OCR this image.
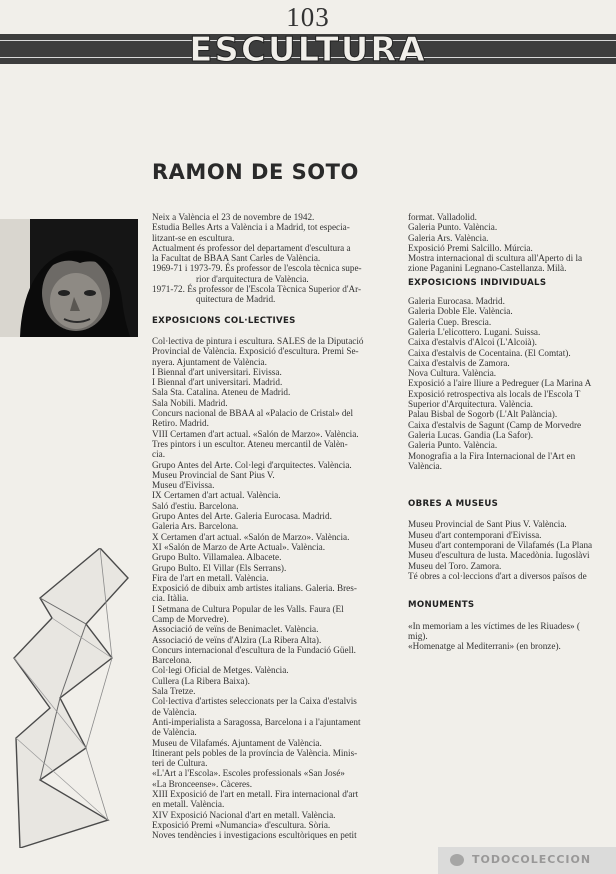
103
ESCULTURA
RAMON DE SOTO
Neix a València el 23 de novembre de 1942.
Estudia Belles Arts a València i a Madrid, tot especia-
litzant-se en escultura.
Actualment és professor del departament d'escultura a
la Facultat de BBAA Sant Carles de València.
1969-71 i 1973-79. És professor de l'escola tècnica supe-
rior d'arquitectura de València.
1971-72. És professor de l'Escola Tècnica Superior d'Ar-
quitectura de Madrid.
EXPOSICIONS COL·LECTIVES
Col·lectiva de pintura i escultura. SALES de la Diputació
Provincial de València. Exposició d'escultura. Premi Se-
nyera. Ajuntament de València.
I Biennal d'art universitari. Eivissa.
I Biennal d'art universitari. Madrid.
Sala Sta. Catalina. Ateneu de Madrid.
Sala Nobili. Madrid.
Concurs nacional de BBAA al «Palacio de Cristal» del
Retiro. Madrid.
VIII Certamen d'art actual. «Salón de Marzo». València.
Tres pintors i un escultor. Ateneu mercantil de Valèn-
cia.
Grupo Antes del Arte. Col·legi d'arquitectes. València.
Museu Provincial de Sant Pius V.
Museu d'Eivissa.
IX Certamen d'art actual. València.
Saló d'estiu. Barcelona.
Grupo Antes del Arte. Galeria Eurocasa. Madrid.
Galeria Ars. Barcelona.
X Certamen d'art actual. «Salón de Marzo». València.
XI «Salón de Marzo de Arte Actual». València.
Grupo Bulto. Villamalea. Albacete.
Grupo Bulto. El Villar (Els Serrans).
Fira de l'art en metall. València.
Exposició de dibuix amb artistes italians. Galeria. Bres-
cia. Itàlia.
I Setmana de Cultura Popular de les Valls. Faura (El
Camp de Morvedre).
Associació de veïns de Benimaclet. València.
Associació de veïns d'Alzira (La Ribera Alta).
Concurs internacional d'escultura de la Fundació Güell.
Barcelona.
Col·legi Oficial de Metges. València.
Cullera (La Ribera Baixa).
Sala Tretze.
Col·lectiva d'artistes seleccionats per la Caixa d'estalvis
de València.
Anti-imperialista a Saragossa, Barcelona i a l'ajuntament
de València.
Museu de Vilafamés. Ajuntament de València.
Itinerant pels pobles de la província de València. Minis-
teri de Cultura.
«L'Art a l'Escola». Escoles professionals «San José»
«La Bronceense». Càceres.
XIII Exposició de l'art en metall. Fira internacional d'art
en metall. València.
XIV Exposició Nacional d'art en metall. València.
Exposició Premi «Numancia» d'escultura. Sòria.
Noves tendències i investigacions escultòriques en petit
format. Valladolid.
Galeria Punto. València.
Galeria Ars. València.
Exposició Premi Salcillo. Múrcia.
Mostra internacional di scultura all'Aperto di la
zione Paganini Legnano-Castellanza. Milà.
EXPOSICIONS INDIVIDUALS
Galeria Eurocasa. Madrid.
Galeria Doble Ele. València.
Galeria Cuep. Brescia.
Galeria L'elicottero. Lugani. Suissa.
Caixa d'estalvis d'Alcoi (L'Alcoià).
Caixa d'estalvis de Cocentaina. (El Comtat).
Caixa d'estalvis de Zamora.
Nova Cultura. València.
Exposició a l'aire lliure a Pedreguer (La Marina A
Exposició retrospectiva als locals de l'Escola T
Superior d'Arquitectura. València.
Palau Bisbal de Sogorb (L'Alt Palància).
Caixa d'estalvis de Sagunt (Camp de Morvedre
Galeria Lucas. Gandia (La Safor).
Galeria Punto. València.
Monografia a la Fira Internacional de l'Art en
València.
OBRES A MUSEUS
Museu Provincial de Sant Pius V. València.
Museu d'art contemporani d'Eivissa.
Museu d'art contemporani de Vilafamés (La Plana
Museu d'escultura de lusta. Macedònia. Iugoslàvi
Museu del Toro. Zamora.
Té obres a col·leccions d'art a diversos països de
MONUMENTS
«In memoriam a les víctimes de les Riuades» (
mig).
«Homenatge al Mediterrani» (en bronze).
TODOCOLECCION
